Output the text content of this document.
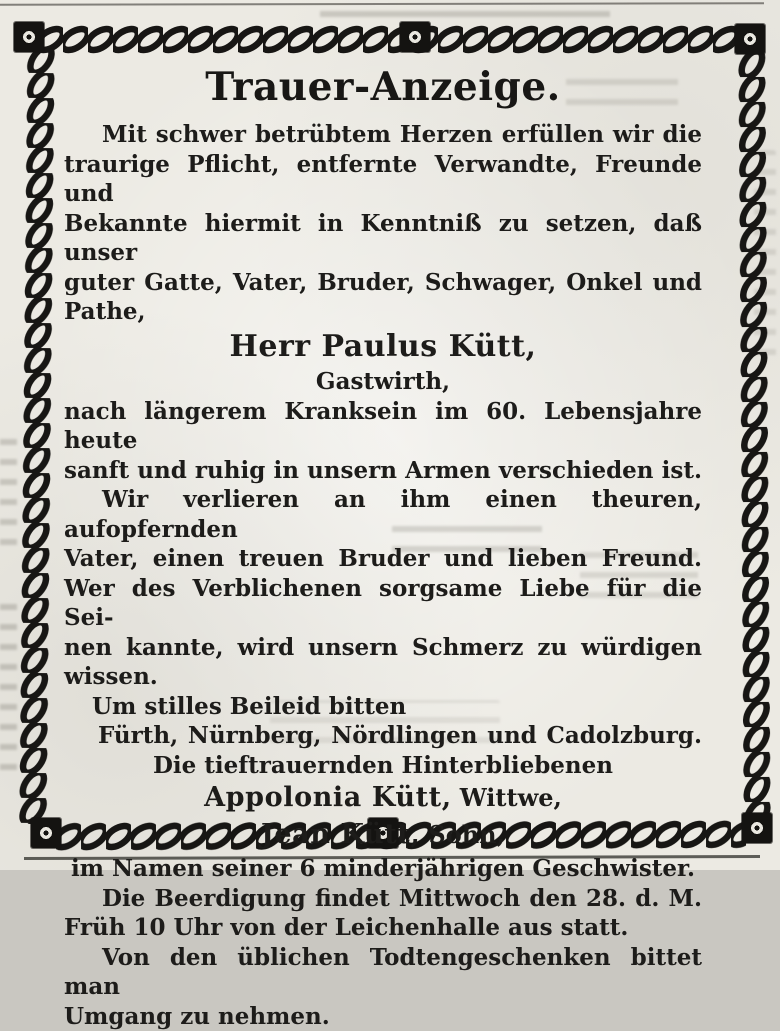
Trauer-Anzeige.
Mit schwer betrübtem Herzen erfüllen wir die
traurige Pflicht, entfernte Verwandte, Freunde und
Bekannte hiermit in Kenntniß zu setzen, daß unser
guter Gatte, Vater, Bruder, Schwager, Onkel und
Pathe,
Herr Paulus Kütt,
Gastwirth,
nach längerem Kranksein im 60. Lebensjahre heute
sanft und ruhig in unsern Armen verschieden ist.
Wir verlieren an ihm einen theuren, aufopfernden
Vater, einen treuen Bruder und lieben Freund.
Wer des Verblichenen sorgsame Liebe für die Sei-
nen kannte, wird unsern Schmerz zu würdigen wissen.
Um stilles Beileid bitten
Fürth, Nürnberg, Nördlingen und Cadolzburg.
Die tieftrauernden Hinterbliebenen
Appolonia Kütt, Wittwe,
Jean Kütt, Sohn,
im Namen seiner 6 minderjährigen Geschwister.
Die Beerdigung findet Mittwoch den 28. d. M.
Früh 10 Uhr von der Leichenhalle aus statt.
Von den üblichen Todtengeschenken bittet man
Umgang zu nehmen.
